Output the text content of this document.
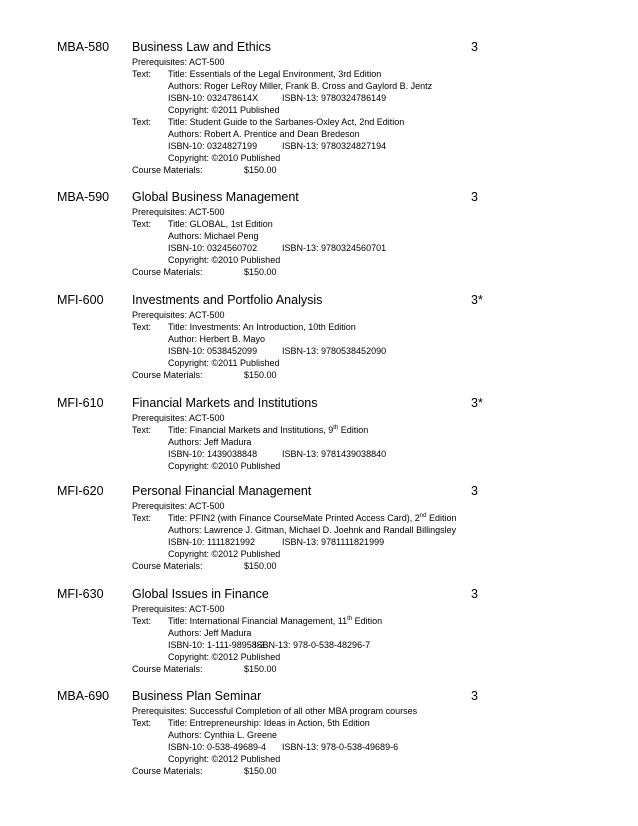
MBA-580 Business Law and Ethics	3
Prerequisites: ACT-500
Text: Title: Essentials of the Legal Environment, 3rd Edition
Authors: Roger LeRoy Miller, Frank B. Cross and Gaylord B. Jentz
ISBN-10: 032478614X	ISBN-13: 9780324786149
Copyright: ©2011 Published
Text: Title: Student Guide to the Sarbanes-Oxley Act, 2nd Edition
Authors: Robert A. Prentice and Dean Bredeson
ISBN-10: 0324827199	ISBN-13: 9780324827194
Copyright: ©2010 Published
Course Materials:	$150.00
MBA-590 Global Business Management	3
Prerequisites: ACT-500
Text: Title: GLOBAL, 1st Edition
Authors: Michael Peng
ISBN-10: 0324560702	ISBN-13: 9780324560701
Copyright: ©2010 Published
Course Materials:	$150.00
MFI-600 Investments and Portfolio Analysis	3*
Prerequisites: ACT-500
Text: Title: Investments: An Introduction, 10th Edition
Author: Herbert B. Mayo
ISBN-10: 0538452099	ISBN-13: 9780538452090
Copyright: ©2011 Published
Course Materials:	$150.00
MFI-610 Financial Markets and Institutions	3*
Prerequisites: ACT-500
Text: Title: Financial Markets and Institutions, 9th Edition
Authors: Jeff Madura
ISBN-10: 1439038848	ISBN-13: 9781439038840
Copyright: ©2010 Published
MFI-620 Personal Financial Management	3
Prerequisites: ACT-500
Text: Title: PFIN2 (with Finance CourseMate Printed Access Card), 2nd Edition
Authors: Lawrence J. Gitman, Michael D. Joehnk and Randall Billingsley
ISBN-10: 1111821992	ISBN-13: 9781111821999
Copyright: ©2012 Published
Course Materials:	$150.00
MFI-630 Global Issues in Finance	3
Prerequisites: ACT-500
Text: Title: International Financial Management, 11th Edition
Authors: Jeff Madura
ISBN-10: 1-111-98958-3
ISBN-13: 978-0-538-48296-7
Copyright: ©2012 Published
Course Materials:	$150.00
MBA-690 Business Plan Seminar	3
Prerequisites: Successful Completion of all other MBA program courses
Text: Title: Entrepreneurship: Ideas in Action, 5th Edition
Authors: Cynthia L. Greene
ISBN-10: 0-538-49689-4 ISBN-13: 978-0-538-49689-6
Copyright: ©2012 Published
Course Materials:	$150.00
